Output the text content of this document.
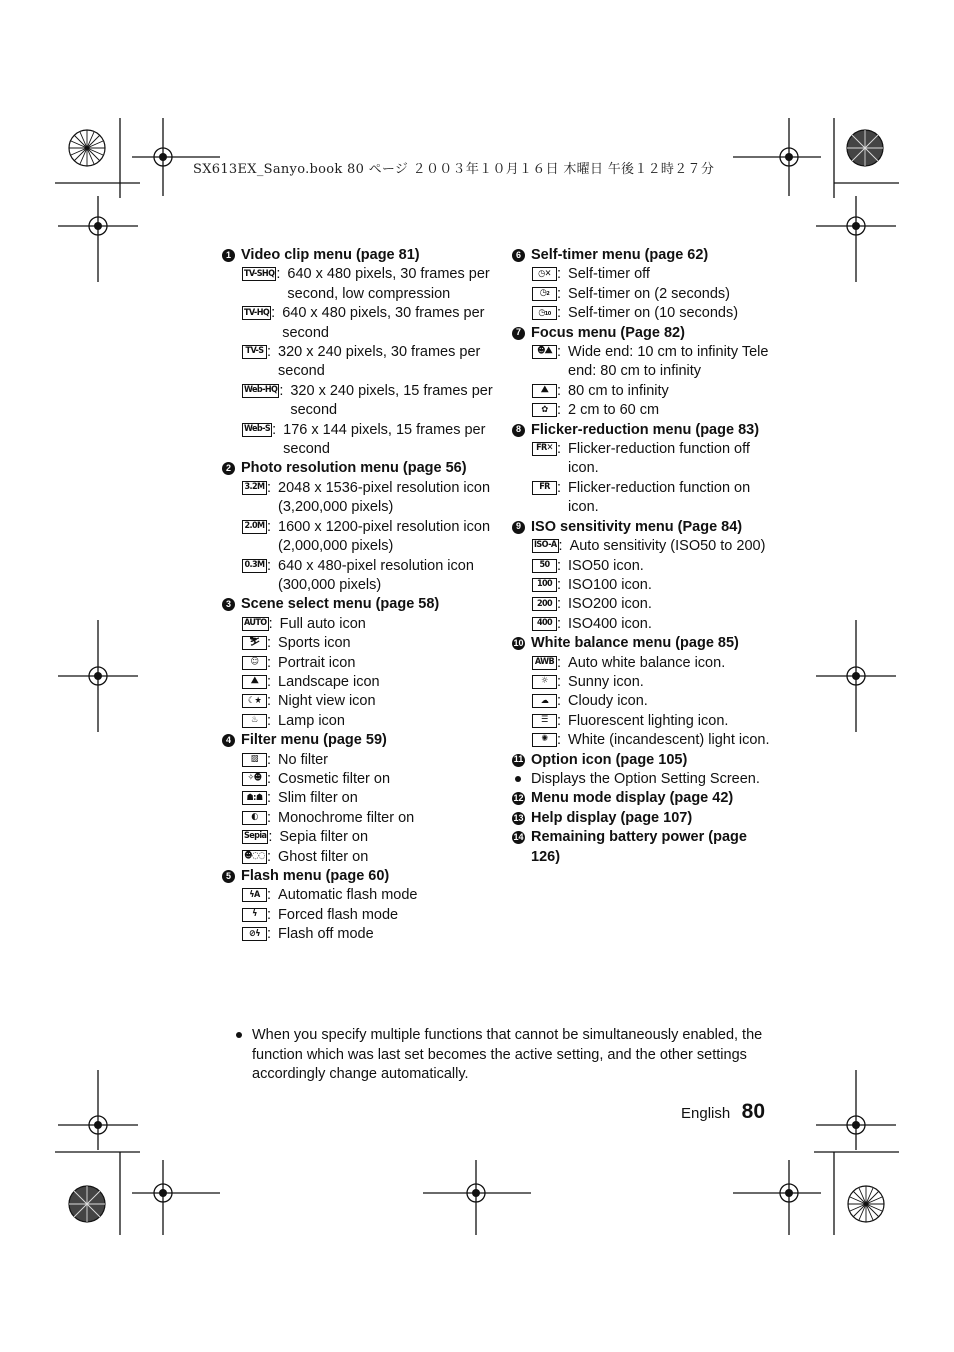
SX613EX_Sanyo.book 80 ページ ２００３年１０月１６日 木曜日 午後１２時２７分
1 Video clip menu (page 81)
TV-SHQ : 640 x 480 pixels, 30 frames per second, low compression
TV-HQ : 640 x 480 pixels, 30 frames per second
TV-S : 320 x 240 pixels, 30 frames per second
Web-HQ : 320 x 240 pixels, 15 frames per second
Web-S : 176 x 144 pixels, 15 frames per second
2 Photo resolution menu (page 56)
3.2M : 2048 x 1536-pixel resolution icon (3,200,000 pixels)
2.0M : 1600 x 1200-pixel resolution icon (2,000,000 pixels)
0.3M : 640 x 480-pixel resolution icon (300,000 pixels)
3 Scene select menu (page 58)
AUTO : Full auto icon
⛷ : Sports icon
☺ : Portrait icon
⛰ : Landscape icon
☾★ : Night view icon
♨ : Lamp icon
4 Filter menu (page 59)
▨ : No filter
✧☻ : Cosmetic filter on
☗:☗ : Slim filter on
◐ : Monochrome filter on
Sepia : Sepia filter on
☻◌◌ : Ghost filter on
5 Flash menu (page 60)
ϟA : Automatic flash mode
ϟ : Forced flash mode
⊘ϟ : Flash off mode
6 Self-timer menu (page 62)
◷✕ : Self-timer off
◷₂ : Self-timer on (2 seconds)
◷₁₀ : Self-timer on (10 seconds)
7 Focus menu (Page 82)
☻⛰ : Wide end: 10 cm to infinity Tele end: 80 cm to infinity
⛰ : 80 cm to infinity
✿ : 2 cm to 60 cm
8 Flicker-reduction menu (page 83)
FR✕ : Flicker-reduction function off icon.
FR : Flicker-reduction function on icon.
9 ISO sensitivity menu (Page 84)
ISO-A : Auto sensitivity (ISO50 to 200)
50 : ISO50 icon.
100 : ISO100 icon.
200 : ISO200 icon.
400 : ISO400 icon.
10 White balance menu (page 85)
AWB : Auto white balance icon.
☼ : Sunny icon.
☁ : Cloudy icon.
☰ : Fluorescent lighting icon.
✺ : White (incandescent) light icon.
11 Option icon (page 105)
Displays the Option Setting Screen.
12 Menu mode display (page 42)
13 Help display (page 107)
14 Remaining battery power (page 126)
When you specify multiple functions that cannot be simultaneously enabled, the function which was last set becomes the active setting, and the other settings accordingly change automatically.
English 80
